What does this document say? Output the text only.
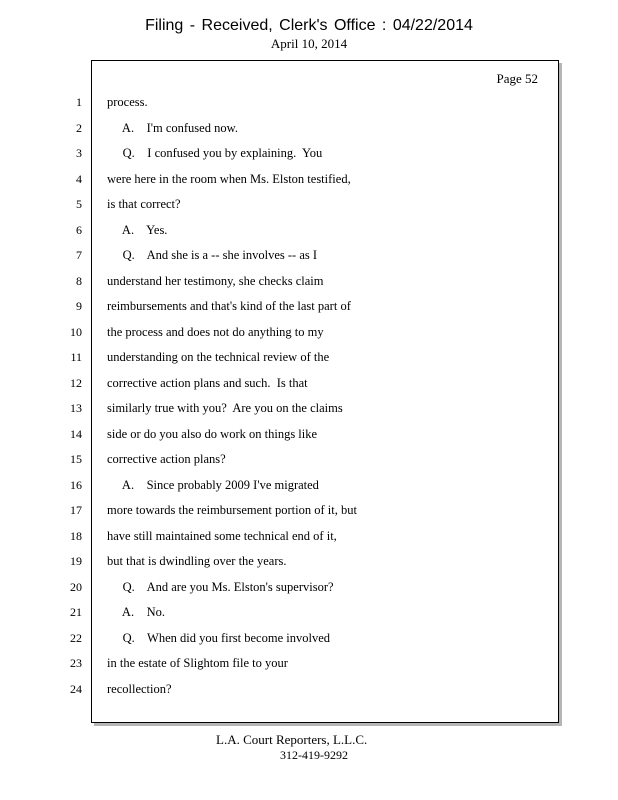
Filing - Received, Clerk's Office : 04/22/2014
April 10, 2014
Page 52
1
2
3
4
5
6
7
8
9
10
11
12
13
14
15
16
17
18
19
20
21
22
23
24
process.
A.    I'm confused now.
Q.    I confused you by explaining.  You
were here in the room when Ms. Elston testified,
is that correct?
A.    Yes.
Q.    And she is a -- she involves -- as I
understand her testimony, she checks claim
reimbursements and that's kind of the last part of
the process and does not do anything to my
understanding on the technical review of the
corrective action plans and such.  Is that
similarly true with you?  Are you on the claims
side or do you also do work on things like
corrective action plans?
A.    Since probably 2009 I've migrated
more towards the reimbursement portion of it, but
have still maintained some technical end of it,
but that is dwindling over the years.
Q.    And are you Ms. Elston's supervisor?
A.    No.
Q.    When did you first become involved
in the estate of Slightom file to your
recollection?
L.A. Court Reporters, L.L.C.
312-419-9292
